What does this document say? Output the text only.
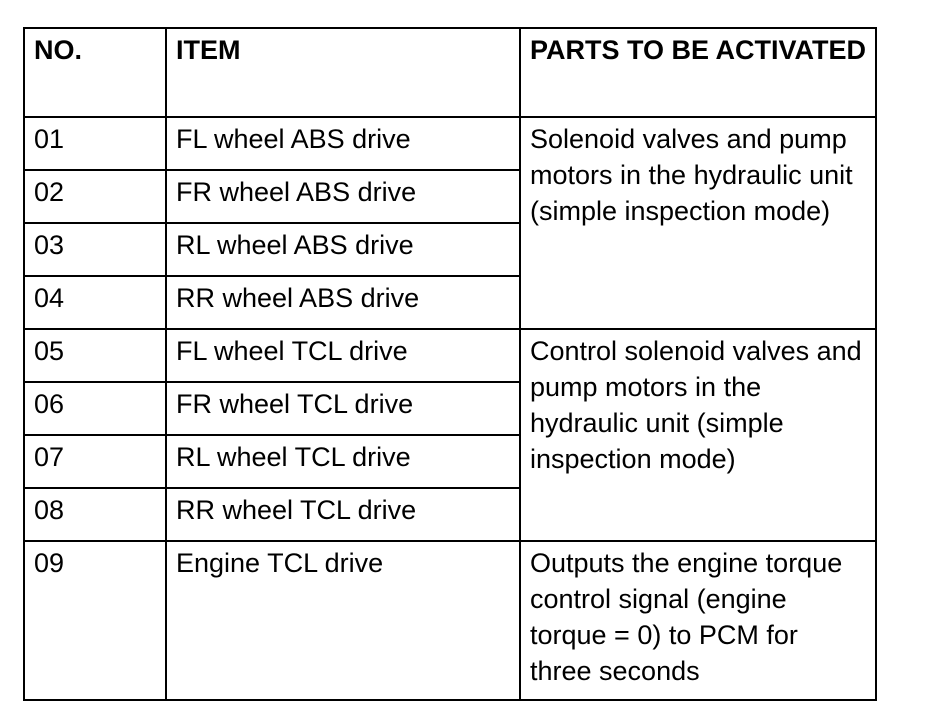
NO.	ITEM	PARTS TO BE ACTIVATED
01	FL wheel ABS drive	Solenoid valves and pump motors in the hydraulic unit (simple inspection mode)

02	FR wheel ABS drive	
03	RL wheel ABS drive	
04	RR wheel ABS drive	
05	FL wheel TCL drive	Control solenoid valves and pump motors in the hydraulic unit (simple inspection mode)

06	FR wheel TCL drive	
07	RL wheel TCL drive	
08	RR wheel TCL drive	
09	Engine TCL drive	Outputs the engine torque control signal (engine torque = 0) to PCM for three seconds
